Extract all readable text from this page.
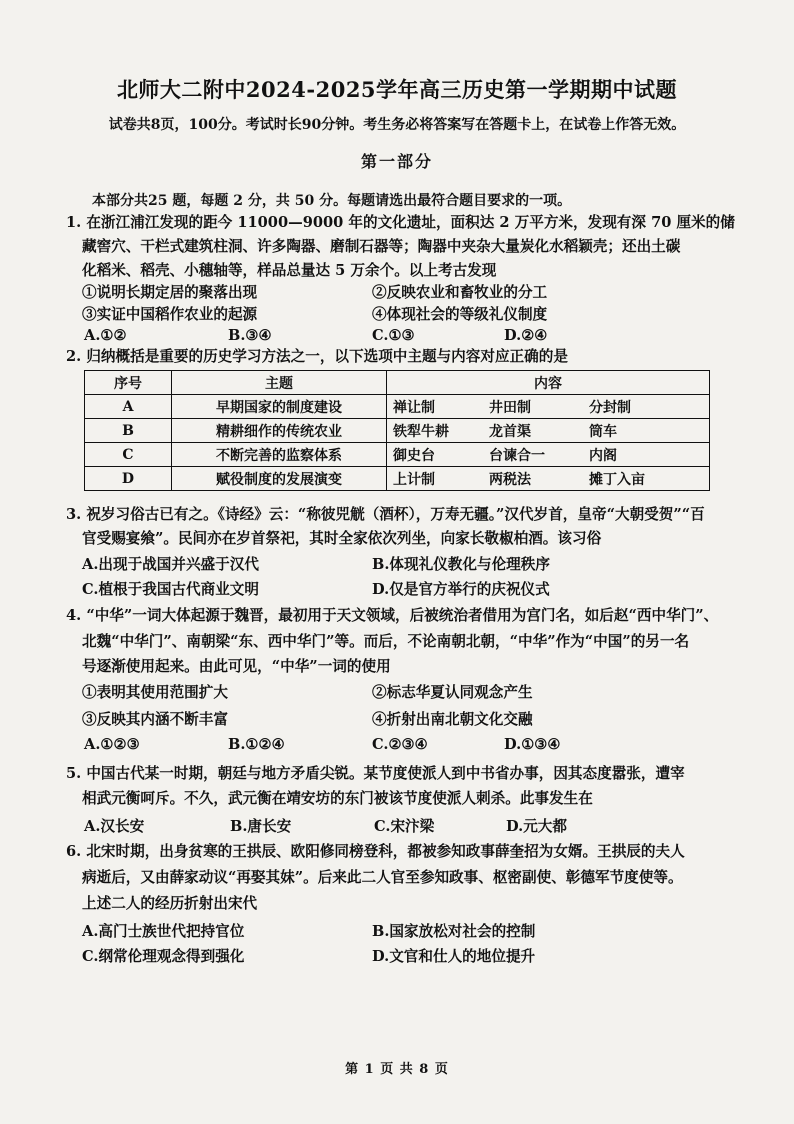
北师大二附中2024-2025学年高三历史第一学期期中试题
试卷共8页，100分。考试时长90分钟。考生务必将答案写在答题卡上，在试卷上作答无效。
第一部分
本部分共25 题，每题 2 分，共 50 分。每题请选出最符合题目要求的一项。
1. 在浙江浦江发现的距今 11000—9000 年的文化遗址，面积达 2 万平方米，发现有深 70 厘米的储
藏窖穴、干栏式建筑柱洞、许多陶器、磨制石器等；陶器中夹杂大量炭化水稻颖壳；还出土碳
化稻米、稻壳、小穗轴等，样品总量达 5 万余个。以上考古发现
①说明长期定居的聚落出现	②反映农业和畜牧业的分工
③实证中国稻作农业的起源	④体现社会的等级礼仪制度
A.①②	B.③④	C.①③	D.②④
2. 归纳概括是重要的历史学习方法之一，以下选项中主题与内容对应正确的是
序号	主题	内容
A	早期国家的制度建设	禅让制 井田制 分封制

B	精耕细作的传统农业	铁犁牛耕 龙首渠 筒车

C	不断完善的监察体系	御史台 台谏合一 内阁

D	赋役制度的发展演变	上计制 两税法 摊丁入亩
3. 祝岁习俗古已有之。《诗经》云：“称彼兕觥（酒杯），万寿无疆。”汉代岁首，皇帝“大朝受贺”“百
官受赐宴飨”。民间亦在岁首祭祀，其时全家依次列坐，向家长敬椒柏酒。该习俗
A.出现于战国并兴盛于汉代	B.体现礼仪教化与伦理秩序
C.植根于我国古代商业文明	D.仅是官方举行的庆祝仪式
4. “中华”一词大体起源于魏晋，最初用于天文领域，后被统治者借用为宫门名，如后赵“西中华门”、
北魏“中华门”、南朝梁“东、西中华门”等。而后，不论南朝北朝，“中华”作为“中国”的另一名
号逐渐使用起来。由此可见，“中华”一词的使用
①表明其使用范围扩大	②标志华夏认同观念产生
③反映其内涵不断丰富	④折射出南北朝文化交融
A.①②③	B.①②④	C.②③④	D.①③④
5. 中国古代某一时期，朝廷与地方矛盾尖锐。某节度使派人到中书省办事，因其态度嚣张，遭宰
相武元衡呵斥。不久，武元衡在靖安坊的东门被该节度使派人刺杀。此事发生在
A.汉长安	B.唐长安	C.宋汴梁	D.元大都
6. 北宋时期，出身贫寒的王拱辰、欧阳修同榜登科，都被参知政事薛奎招为女婿。王拱辰的夫人
病逝后，又由薛家动议“再娶其妹”。后来此二人官至参知政事、枢密副使、彰德军节度使等。
上述二人的经历折射出宋代
A.高门士族世代把持官位	B.国家放松对社会的控制
C.纲常伦理观念得到强化	D.文官和仕人的地位提升
第 1 页 共 8 页
